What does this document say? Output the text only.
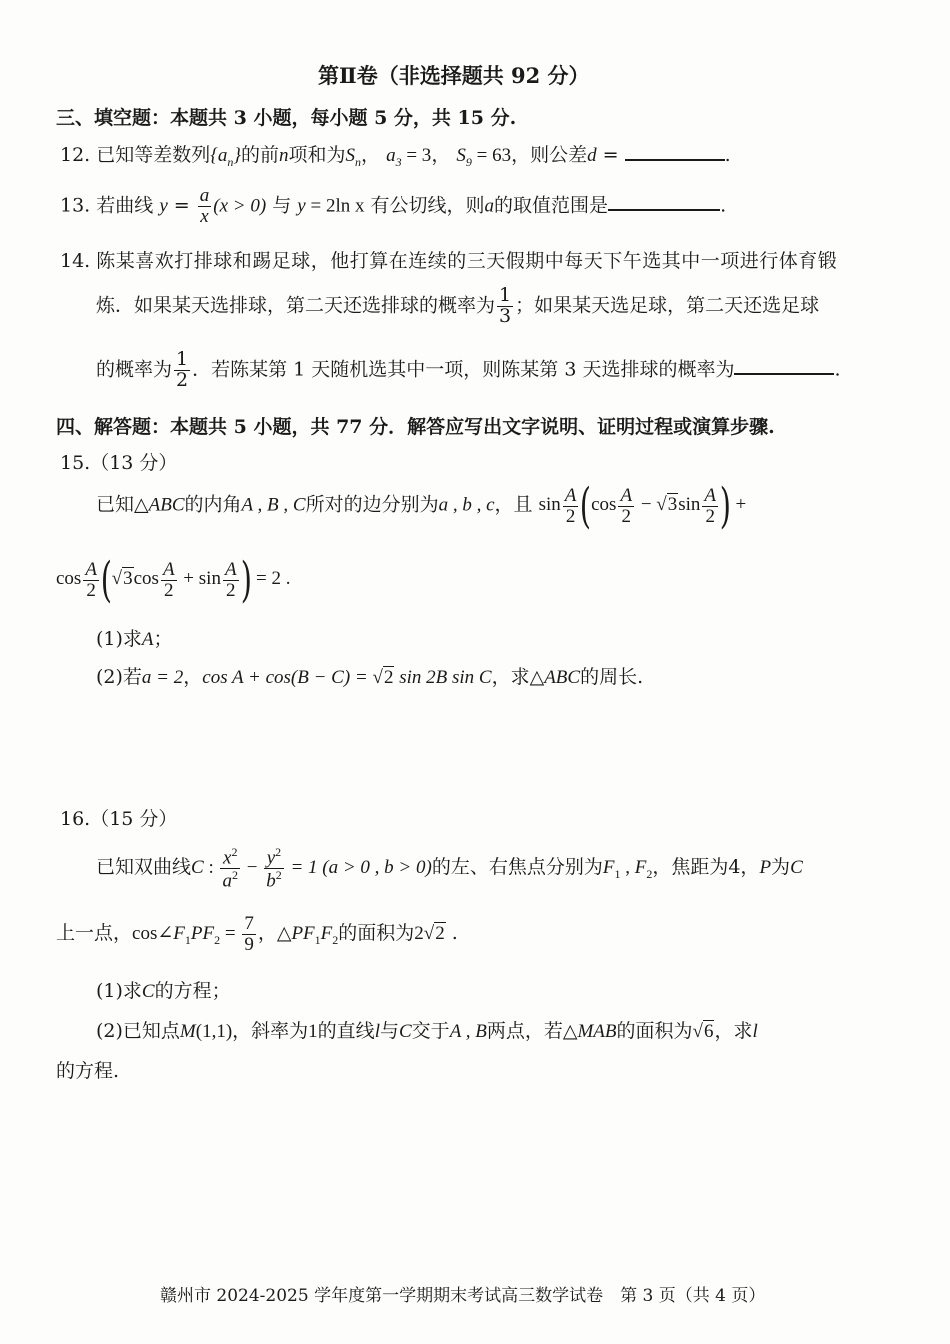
第Ⅱ卷（非选择题共 92 分）
三、填空题：本题共 3 小题，每小题 5 分，共 15 分.
12. 已知等差数列$\{a_n\}$的前n项和为$S_n$， $a_3 = 3$， $S_9 = 63$，则公差d =	.
13. 若曲线 $y = \frac{a}{x} (x > 0)$ 与 y = 2ln x 有公切线，则a的取值范围是	.
14. 陈某喜欢打排球和踢足球，他打算在连续的三天假期中每天下午选其中一项进行体育锻
炼．如果某天选排球，第二天还选排球的概率为 $\frac{1}{3}$ ；如果某天选足球，第二天还选足球
的概率为 $\frac{1}{2}$ ．若陈某第 1 天随机选其中一项，则陈某第 3 天选排球的概率为	.
四、解答题：本题共 5 小题，共 77 分．解答应写出文字说明、证明过程或演算步骤.
15.（13 分）
已知△ABC的内角A , B , C所对的边分别为a , b , c，且 $\sin \frac{A}{2} (\cos \frac{A}{2} - √3\sin \frac{A}{2}$ ) +
$\cos \frac{A}{2} (√3\cos \frac{A}{2} + \sin \frac{A}{2}$ ) = 2 .
(1)求A；
(2)若a = 2，cos A + cos(B − C) = √2 sin 2B sin C，求△ABC的周长.
16.（15 分）
已知双曲线C : $\frac{x^2}{a^2} - \frac{y^2}{b^2} = 1$ (a > 0 , b > 0)的左、右焦点分别为$F_1$ , $F_2$，焦距为4，P为C
上一点，$\cos\angle F_1PF_2 = \frac{7}{9}$ ，$\triangle PF_1F_2$的面积为2√2 .
(1)求C的方程；
(2)已知点M(1,1)，斜率为1的直线l与C交于A , B两点，若△MAB的面积为√6，求l
的方程.
赣州市 2024-2025 学年度第一学期期末考试高三数学试卷　第 3 页（共 4 页）
